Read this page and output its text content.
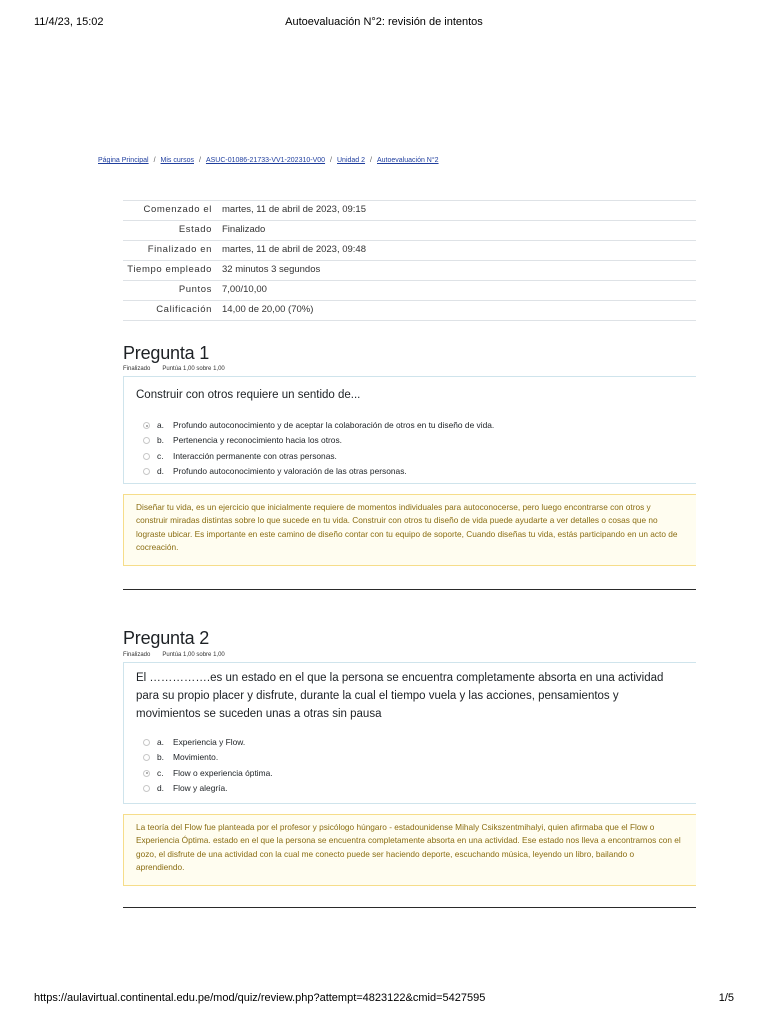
11/4/23, 15:02	Autoevaluación N°2: revisión de intentos
Página Principal / Mis cursos / ASUC-01086-21733-VV1-202310-V00 / Unidad 2 / Autoevaluación N°2
Comenzado el	martes, 11 de abril de 2023, 09:15
Estado	Finalizado
Finalizado en	martes, 11 de abril de 2023, 09:48
Tiempo empleado	32 minutos 3 segundos
Puntos	7,00/10,00
Calificación	14,00 de 20,00 (70%)
Pregunta 1
Finalizado Puntúa 1,00 sobre 1,00
Construir con otros requiere un sentido de...
a.	Profundo autoconocimiento y de aceptar la colaboración de otros en tu diseño de vida.
b.	Pertenencia y reconocimiento hacia los otros.
c.	Interacción permanente con otras personas.
d.	Profundo autoconocimiento y valoración de las otras personas.
Diseñar tu vida, es un ejercicio que inicialmente requiere de momentos individuales para autoconocerse, pero luego encontrarse con otros y construir miradas distintas sobre lo que sucede en tu vida. Construir con otros tu diseño de vida puede ayudarte a ver detalles o cosas que no lograste ubicar. Es importante en este camino de diseño contar con tu equipo de soporte, Cuando diseñas tu vida, estás participando en un acto de cocreación.
Pregunta 2
Finalizado Puntúa 1,00 sobre 1,00
El …………….es un estado en el que la persona se encuentra completamente absorta en una actividad para su propio placer y disfrute, durante la cual el tiempo vuela y las acciones, pensamientos y movimientos se suceden unas a otras sin pausa
a.	Experiencia y Flow.
b.	Movimiento.
c.	Flow o experiencia óptima.
d.	Flow y alegría.
La teoría del Flow fue planteada por el profesor y psicólogo húngaro - estadounidense Mihaly Csikszentmihalyi, quien afirmaba que el Flow o Experiencia Óptima. estado en el que la persona se encuentra completamente absorta en una actividad. Ese estado nos lleva a encontrarnos con el gozo, el disfrute de una actividad con la cual me conecto puede ser haciendo deporte, escuchando música, leyendo un libro, bailando o aprendiendo.
https://aulavirtual.continental.edu.pe/mod/quiz/review.php?attempt=4823122&cmid=5427595	1/5
